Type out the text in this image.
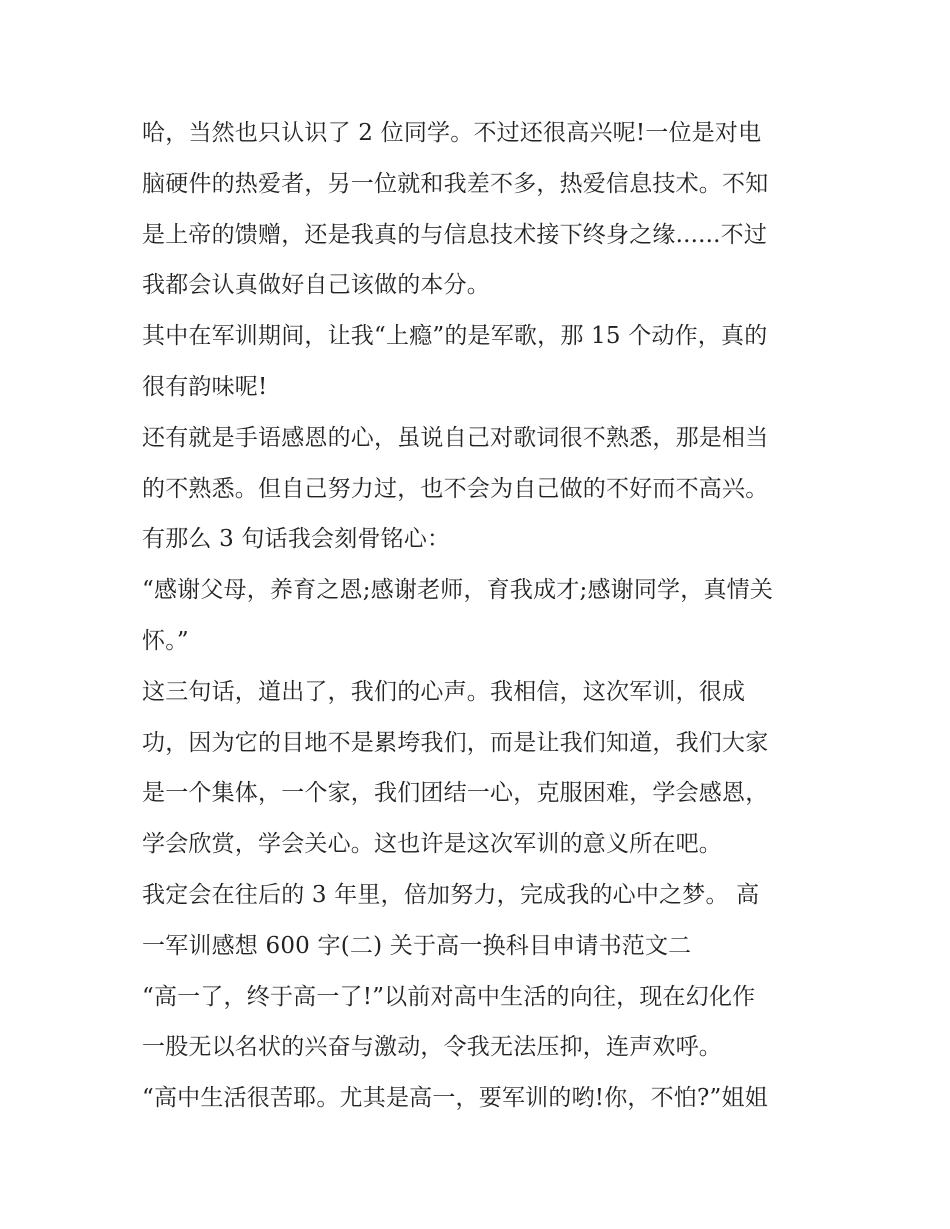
哈，当然也只认识了 2 位同学。不过还很高兴呢!一位是对电
脑硬件的热爱者，另一位就和我差不多，热爱信息技术。不知
是上帝的馈赠，还是我真的与信息技术接下终身之缘......不过
我都会认真做好自己该做的本分。
其中在军训期间，让我“上瘾”的是军歌，那 15 个动作，真的
很有韵味呢!
还有就是手语感恩的心，虽说自己对歌词很不熟悉，那是相当
的不熟悉。但自己努力过，也不会为自己做的不好而不高兴。
有那么 3 句话我会刻骨铭心：
“感谢父母，养育之恩;感谢老师，育我成才;感谢同学，真情关
怀。”
这三句话，道出了，我们的心声。我相信，这次军训，很成
功，因为它的目地不是累垮我们，而是让我们知道，我们大家
是一个集体，一个家，我们团结一心，克服困难，学会感恩，
学会欣赏，学会关心。这也许是这次军训的意义所在吧。
我定会在往后的 3 年里，倍加努力，完成我的心中之梦。 高
一军训感想 600 字(二) 关于高一换科目申请书范文二
“高一了，终于高一了!”以前对高中生活的向往，现在幻化作
一股无以名状的兴奋与激动，令我无法压抑，连声欢呼。
“高中生活很苦耶。尤其是高一，要军训的哟!你，不怕?”姐姐
